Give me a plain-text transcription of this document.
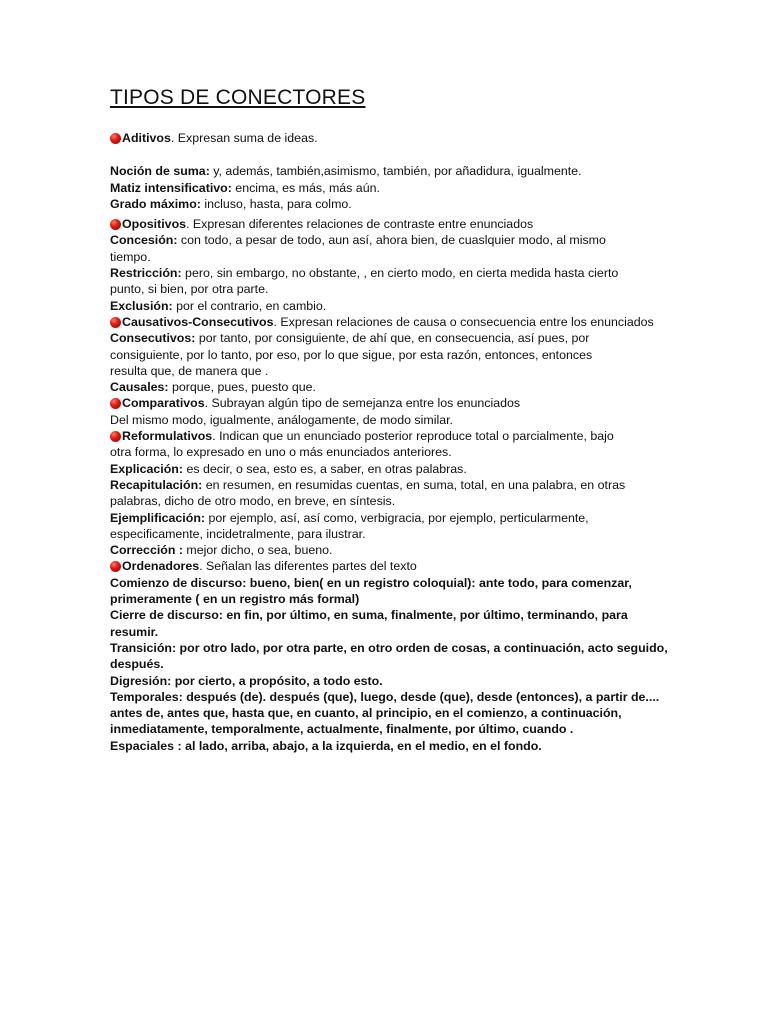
TIPOS DE CONECTORES
Aditivos. Expresan suma de ideas.
Noción de suma: y, además, también,asimismo, también, por añadidura, igualmente.
Matiz intensificativo: encima, es más, más aún.
Grado máximo: incluso, hasta, para colmo.
Opositivos. Expresan diferentes relaciones de contraste entre enunciados
Concesión: con todo, a pesar de todo, aun así, ahora bien, de cuaslquier modo, al mismo
tiempo.
Restricción: pero, sin embargo, no obstante, , en cierto modo, en cierta medida hasta cierto
punto, si bien, por otra parte.
Exclusión: por el contrario, en cambio.
Causativos-Consecutivos. Expresan relaciones de causa o consecuencia entre los enunciados
Consecutivos: por tanto, por consiguiente, de ahí que, en consecuencia, así pues, por
consiguiente, por lo tanto, por eso, por lo que sigue, por esta razón, entonces, entonces
resulta que, de manera que .
Causales: porque, pues, puesto que.
Comparativos. Subrayan algún tipo de semejanza entre los enunciados
Del mismo modo, igualmente, análogamente, de modo similar.
Reformulativos. Indican que un enunciado posterior reproduce total o parcialmente, bajo
otra forma, lo expresado en uno o más enunciados anteriores.
Explicación: es decir, o sea, esto es, a saber, en otras palabras.
Recapitulación: en resumen, en resumidas cuentas, en suma, total, en una palabra, en otras
palabras, dicho de otro modo, en breve, en síntesis.
Ejemplificación: por ejemplo, así, así como, verbigracia, por ejemplo, perticularmente,
especificamente, incidetralmente, para ilustrar.
Corrección : mejor dicho, o sea, bueno.
Ordenadores. Señalan las diferentes partes del texto
Comienzo de discurso: bueno, bien( en un registro coloquial): ante todo, para comenzar,
primeramente ( en un registro más formal)
Cierre de discurso: en fin, por último, en suma, finalmente, por último, terminando, para
resumir.
Transición: por otro lado, por otra parte, en otro orden de cosas, a continuación, acto seguido,
después.
Digresión: por cierto, a propósito, a todo esto.
Temporales: después (de). después (que), luego, desde (que), desde (entonces), a partir de....
antes de, antes que, hasta que, en cuanto, al principio, en el comienzo, a continuación,
inmediatamente, temporalmente, actualmente, finalmente, por último, cuando .
Espaciales : al lado, arriba, abajo, a la izquierda, en el medio, en el fondo.
